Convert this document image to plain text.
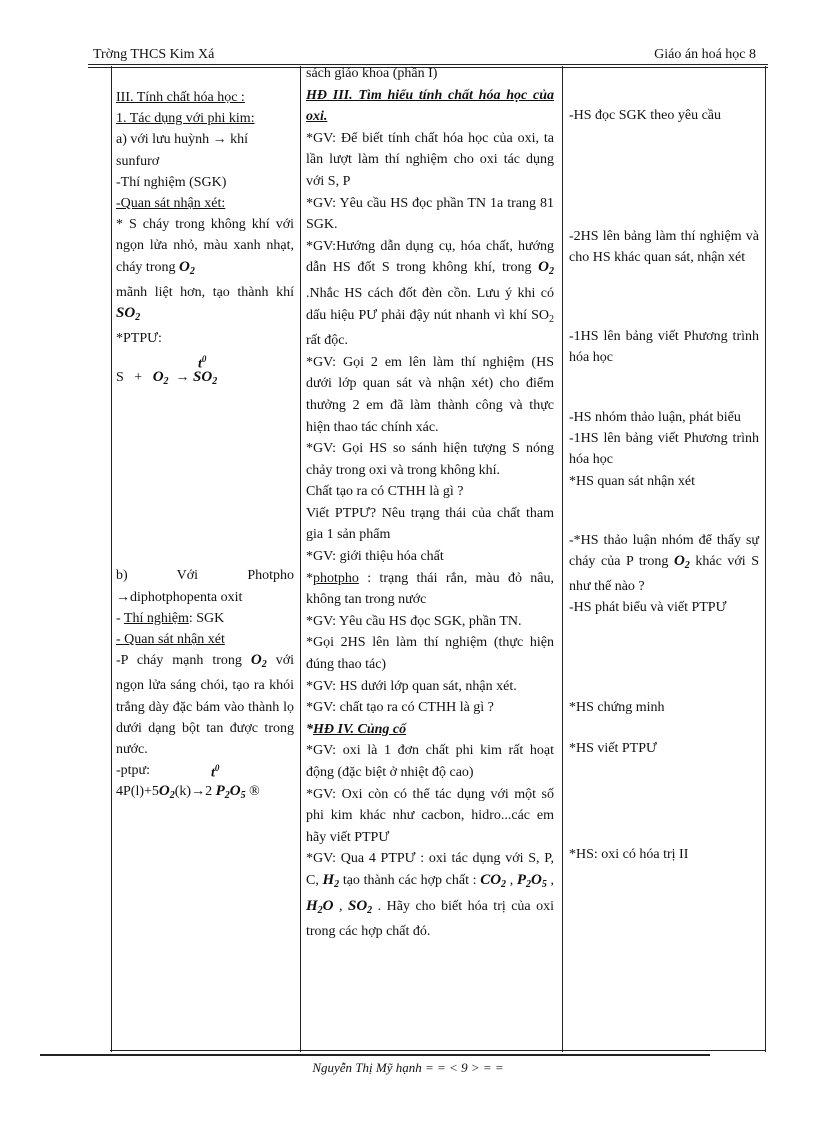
Trờng THCS Kim Xá	Giáo án hoá học 8

III. Tính chất hóa học :

1. Tác dụng với phi kim:

a) với lưu huỳnh → khí sunfurơ

-Thí nghiệm (SGK)

-Quan sát nhận xét:

* S cháy trong không khí với ngọn lửa nhỏ, màu xanh nhạt, cháy trong $O_2$
mãnh liệt hơn, tạo thành khí $SO_2$

*PTPƯ:

$t^0$
$S + O_2 \to SO_2$

b) Với Photpho →diphotphopenta oxit

- Thí nghiệm: SGK

- Quan sát nhận xét

-P cháy mạnh trong $O_2$ với ngọn lửa sáng chói, tạo ra khói trắng dày đặc bám vào thành lọ dưới dạng bột tan được trong nước.

-ptpư:	$t^0$
$4P(l)+5O_2(k)\to 2$ $P_2O_5$ ®

sách giáo khoa (phần I)

HĐ III. Tìm hiểu tính chất hóa học của oxi.

*GV: Để biết tính chất hóa học của oxi, ta lần lượt làm thí nghiệm cho oxi tác dụng với S, P

*GV: Yêu cầu HS đọc phần TN 1a trang 81 SGK.

*GV:Hướng dẫn dụng cụ, hóa chất, hướng dẫn HS đốt S trong không khí, trong $O_2$ .Nhắc HS cách đốt đèn cồn. Lưu ý khi có dấu hiệu PƯ phải đậy nút nhanh vì khí $SO_2$ rất độc.

*GV: Gọi 2 em lên làm thí nghiệm (HS dưới lớp quan sát và nhận xét) cho điểm thưởng 2 em đã làm thành công và thực hiện thao tác chính xác.

*GV: Gọi HS so sánh hiện tượng S nóng chảy trong oxi và trong không khí.

Chất tạo ra có CTHH là gì ?

Viết PTPƯ? Nêu trạng thái của chất tham gia 1 sản phẩm

*GV: giới thiệu hóa chất

*photpho : trạng thái rắn, màu đỏ nâu, không tan trong nước

*GV: Yêu cầu HS đọc SGK, phần TN.

*Gọi 2HS lên làm thí nghiệm (thực hiện đúng thao tác)

*GV: HS dưới lớp quan sát, nhận xét.

*GV: chất tạo ra có CTHH là gì ?

*HĐ IV. Củng cố

*GV: oxi là 1 đơn chất phi kim rất hoạt động (đặc biệt ở nhiệt độ cao)

*GV: Oxi còn có thể tác dụng với một số phi kim khác như cacbon, hidro...các em hãy viết PTPƯ

*GV: Qua 4 PTPƯ : oxi tác dụng với S, P, C, $H_2$ tạo thành các hợp chất : $CO_2$ , $P_2O_5$ , $H_2O$ , $SO_2$ . Hãy cho biết hóa trị của oxi trong các hợp chất đó.

-HS đọc SGK theo yêu cầu

-2HS lên bảng làm thí nghiệm và cho HS khác quan sát, nhận xét

-1HS lên bảng viết Phương trình hóa học

-HS nhóm thảo luận, phát biểu

-1HS lên bảng viết Phương trình hóa học

*HS quan sát nhận xét

-*HS thảo luận nhóm để thấy sự cháy của P trong $O_2$ khác với S như thế nào ?

-HS phát biểu và viết PTPƯ

*HS chứng minh

*HS viết PTPƯ

*HS: oxi có hóa trị II

Nguyễn Thị Mỹ hạnh = = < 9 > = =
